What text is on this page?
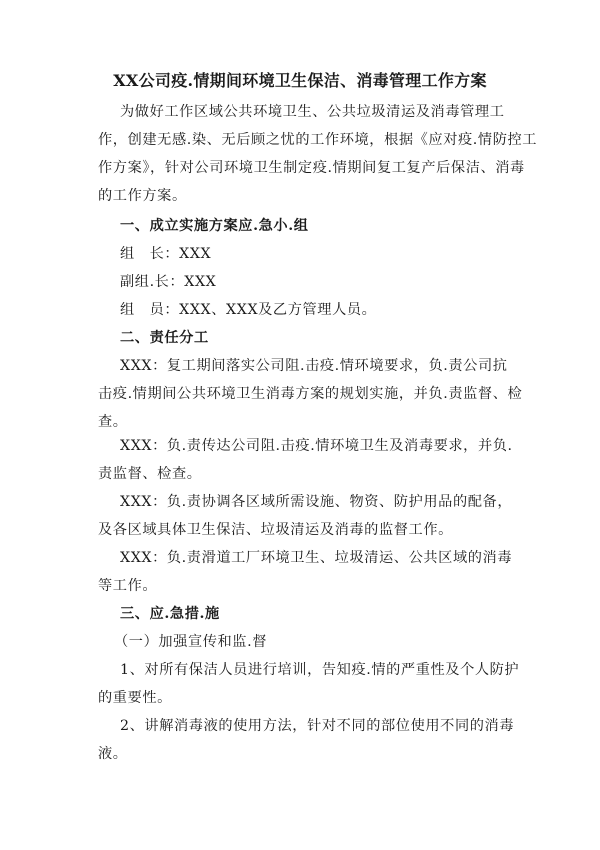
XX公司疫.情期间环境卫生保洁、消毒管理工作方案
为做好工作区域公共环境卫生、公共垃圾清运及消毒管理工
作，创建无感.染、无后顾之忧的工作环境，根据《应对疫.情防控工
作方案》，针对公司环境卫生制定疫.情期间复工复产后保洁、消毒
的工作方案。
一、成立实施方案应.急小.组
组　长：XXX
副组.长：XXX
组　员：XXX、XXX及乙方管理人员。
二、责任分工
XXX：复工期间落实公司阻.击疫.情环境要求，负.责公司抗
击疫.情期间公共环境卫生消毒方案的规划实施，并负.责监督、检
查。
XXX：负.责传达公司阻.击疫.情环境卫生及消毒要求，并负.
责监督、检查。
XXX：负.责协调各区域所需设施、物资、防护用品的配备，
及各区域具体卫生保洁、垃圾清运及消毒的监督工作。
XXX：负.责滑道工厂环境卫生、垃圾清运、公共区域的消毒
等工作。
三、应.急措.施
（一）加强宣传和监.督
1、对所有保洁人员进行培训，告知疫.情的严重性及个人防护
的重要性。
2、讲解消毒液的使用方法，针对不同的部位使用不同的消毒
液。
